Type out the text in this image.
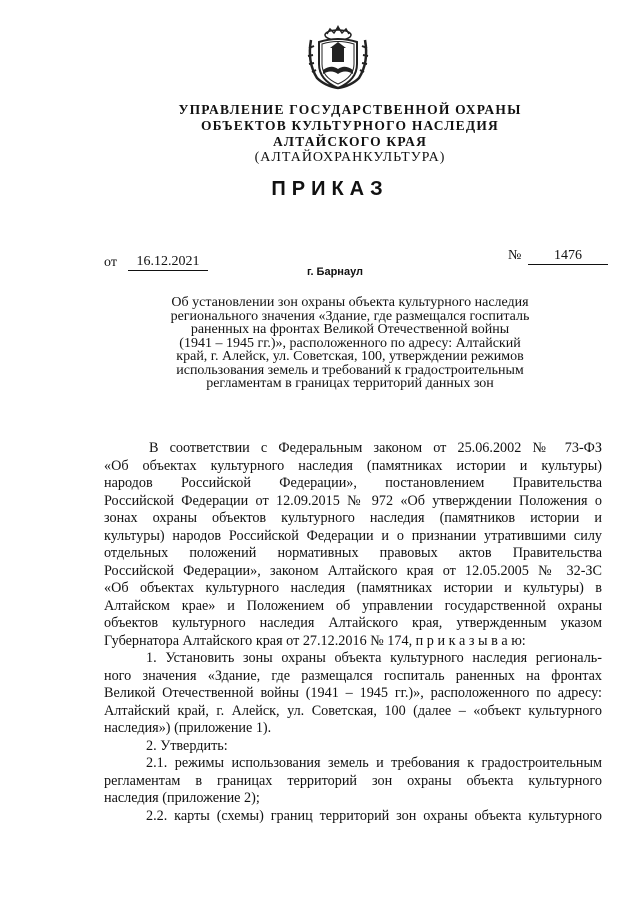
УПРАВЛЕНИЕ ГОСУДАРСТВЕННОЙ ОХРАНЫ
ОБЪЕКТОВ КУЛЬТУРНОГО НАСЛЕДИЯ
АЛТАЙСКОГО КРАЯ
(АЛТАЙОХРАНКУЛЬТУРА)
ПРИКАЗ
от	16.12.2021	№	1476
г. Барнаул
Об установлении зон охраны объекта культурного наследия
регионального значения «Здание, где размещался госпиталь
раненных на фронтах Великой Отечественной войны
(1941 – 1945 гг.)», расположенного по адресу: Алтайский
край, г. Алейск, ул. Советская, 100, утверждении режимов
использования земель и требований к градостроительным
регламентам в границах территорий данных зон
В соответствии с Федеральным законом от 25.06.2002 № 73-ФЗ
«Об объектах культурного наследия (памятниках истории и культуры)
народов Российской Федерации», постановлением Правительства
Российской Федерации от 12.09.2015 № 972 «Об утверждении Положения о
зонах охраны объектов культурного наследия (памятников истории и
культуры) народов Российской Федерации и о признании утратившими силу
отдельных положений нормативных правовых актов Правительства
Российской Федерации», законом Алтайского края от 12.05.2005 № 32-ЗС
«Об объектах культурного наследия (памятниках истории и культуры) в
Алтайском крае» и Положением об управлении государственной охраны
объектов культурного наследия Алтайского края, утвержденным указом
Губернатора Алтайского края от 27.12.2016 № 174, п р и к а з ы в а ю:
1. Установить зоны охраны объекта культурного наследия региональ-
ного значения «Здание, где размещался госпиталь раненных на фронтах
Великой Отечественной войны (1941 – 1945 гг.)», расположенного по адресу:
Алтайский край, г. Алейск, ул. Советская, 100 (далее – «объект культурного
наследия») (приложение 1).
2. Утвердить:
2.1. режимы использования земель и требования к градостроительным
регламентам в границах территорий зон охраны объекта культурного
наследия (приложение 2);
2.2. карты (схемы) границ территорий зон охраны объекта культурного
